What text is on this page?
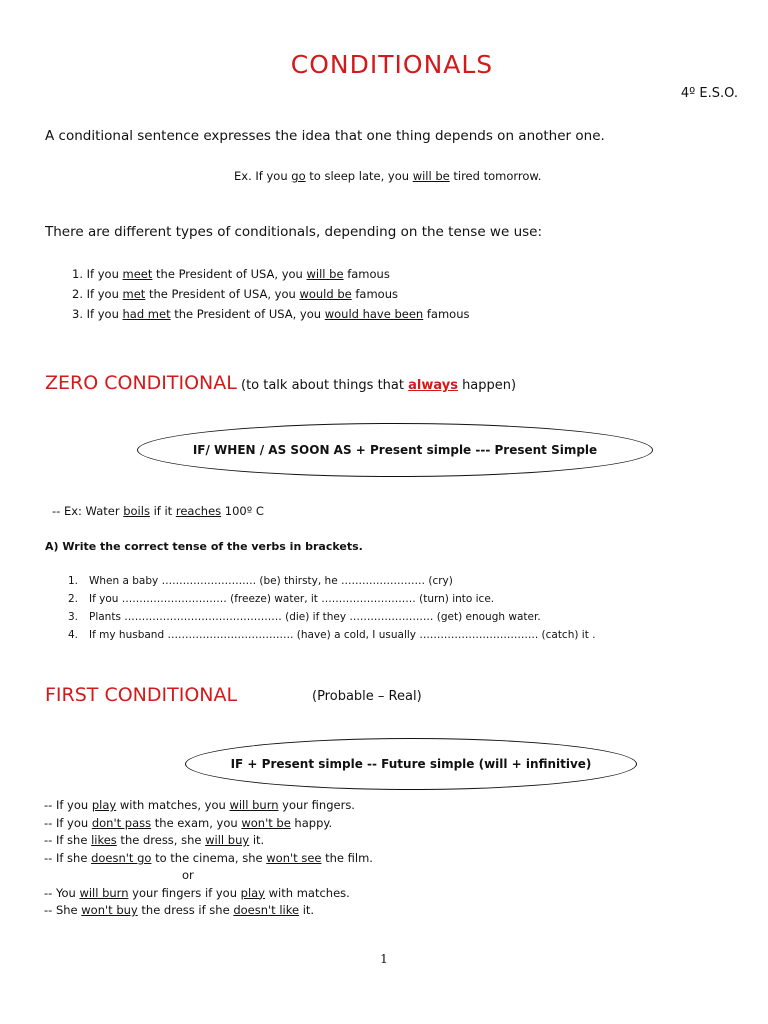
CONDITIONALS
4º E.S.O.
A conditional sentence expresses the idea that one thing depends on another one.
Ex. If you go to sleep late, you will be tired tomorrow.
There are different types of conditionals, depending on the tense we use:
1. If you meet the President of USA, you will be famous
2. If you met the President of USA, you would be famous
3. If you had met the President of USA, you would have been famous
ZERO CONDITIONAL (to talk about things that always happen)
IF/ WHEN / AS SOON AS + Present simple --- Present Simple
-- Ex: Water boils if it reaches 100º C
A) Write the correct tense of the verbs in brackets.
1. When a baby ……………………… (be) thirsty, he …………………… (cry)
2. If you ………………………… (freeze) water, it ……………………… (turn) into ice.
3. Plants ……………………………………… (die) if they …………………… (get) enough water.
4. If my husband ……………………………… (have) a cold, I usually ……………………………. (catch) it .
FIRST CONDITIONAL	(Probable – Real)
IF + Present simple -- Future simple (will + infinitive)
-- If you play with matches, you will burn your fingers.
-- If you don't pass the exam, you won't be happy.
-- If she likes the dress, she will buy it.
-- If she doesn't go to the cinema, she won't see the film.
or
-- You will burn your fingers if you play with matches.
-- She won't buy the dress if she doesn't like it.
1
